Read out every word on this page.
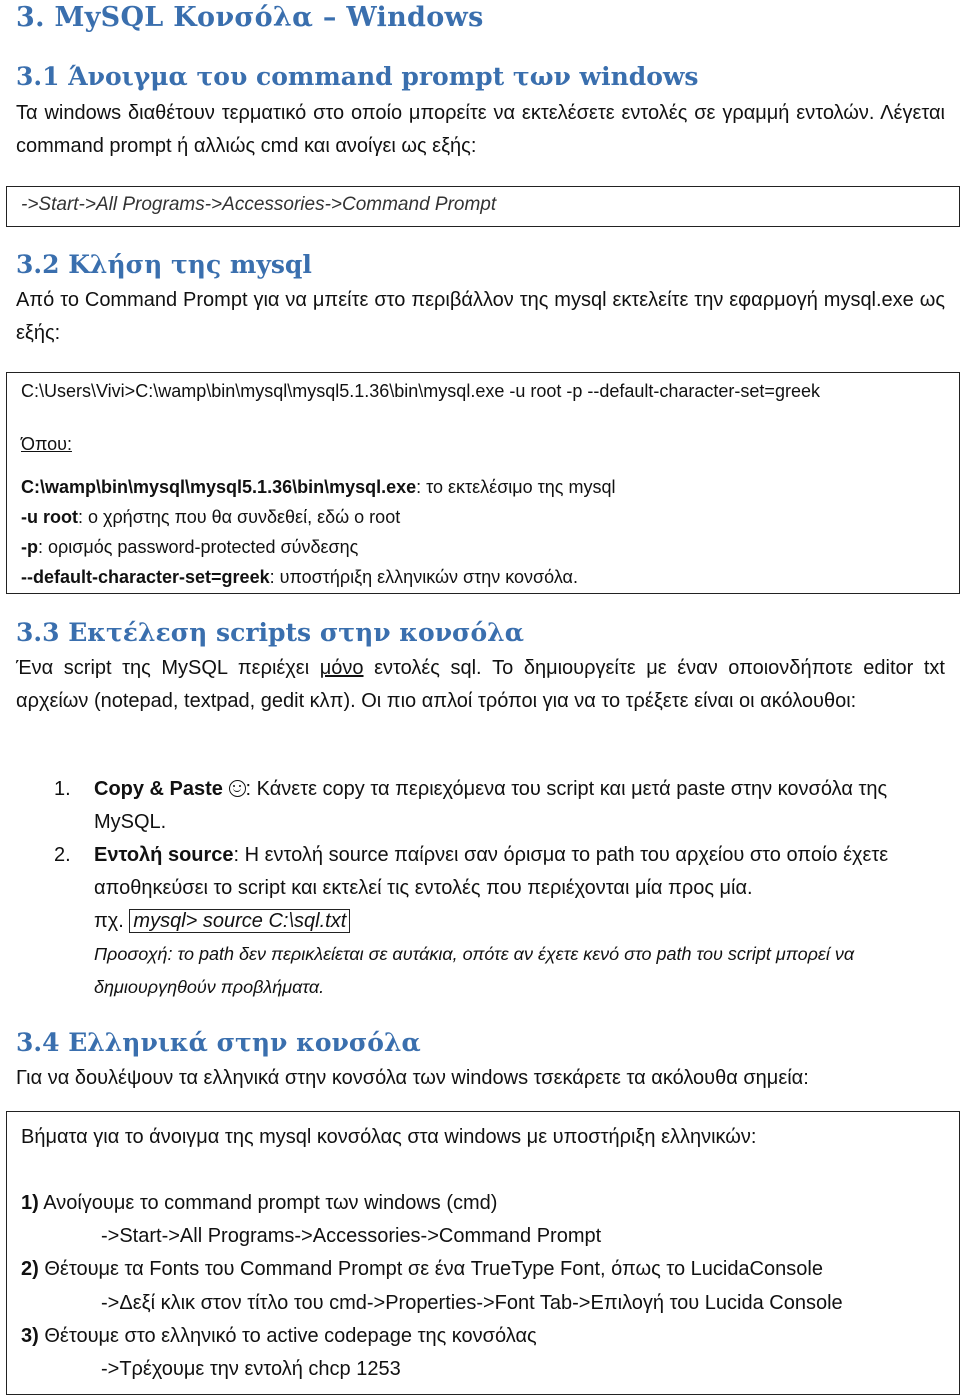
3. MySQL Κονσόλα – Windows
3.1 Άνοιγμα του command prompt των windows

Τα windows διαθέτουν τερματικό στο οποίο μπορείτε να εκτελέσετε εντολές σε γραμμή εντολών. Λέγεται command prompt ή αλλιώς cmd και ανοίγει ως εξής:

->Start->All Programs->Accessories->Command Prompt
3.2 Κλήση της mysql

Από το Command Prompt για να μπείτε στο περιβάλλον της mysql εκτελείτε την εφαρμογή mysql.exe ως εξής:

C:\Users\Vivi>C:\wamp\bin\mysql\mysql5.1.36\bin\mysql.exe -u root -p --default-character-set=greek
Όπου:
C:\wamp\bin\mysql\mysql5.1.36\bin\mysql.exe: το εκτελέσιμο της mysql
-u root: ο χρήστης που θα συνδεθεί, εδώ ο root
-p: ορισμός password-protected σύνδεσης
--default-character-set=greek: υποστήριξη ελληνικών στην κονσόλα.
3.3 Εκτέλεση scripts στην κονσόλα

Ένα script της MySQL περιέχει μόνο εντολές sql. Το δημιουργείτε με έναν οποιονδήποτε editor txt αρχείων (notepad, textpad, gedit κλπ). Οι πιο απλοί τρόποι για να το τρέξετε είναι οι ακόλουθοι:

1. Copy & Paste : Κάνετε copy τα περιεχόμενα του script και μετά paste στην κονσόλα της MySQL.
2. Εντολή source: Η εντολή source παίρνει σαν όρισμα το path του αρχείου στο οποίο έχετε αποθηκεύσει το script και εκτελεί τις εντολές που περιέχονται μία προς μία.
πχ. mysql> source C:\sql.txt
Προσοχή: το path δεν περικλείεται σε αυτάκια, οπότε αν έχετε κενό στο path του script μπορεί να δημιουργηθούν προβλήματα.
3.4 Ελληνικά στην κονσόλα

Για να δουλέψουν τα ελληνικά στην κονσόλα των windows τσεκάρετε τα ακόλουθα σημεία:

Βήματα για το άνοιγμα της mysql κονσόλας στα windows με υποστήριξη ελληνικών:
1) Ανοίγουμε το command prompt των windows (cmd)
->Start->All Programs->Accessories->Command Prompt
2) Θέτουμε τα Fonts του Command Prompt σε ένα TrueType Font, όπως το LucidaConsole
->Δεξί κλικ στον τίτλο του cmd->Properties->Font Tab->Επιλογή του Lucida Console
3) Θέτουμε στο ελληνικό το active codepage της κονσόλας
->Τρέχουμε την εντολή chcp 1253
